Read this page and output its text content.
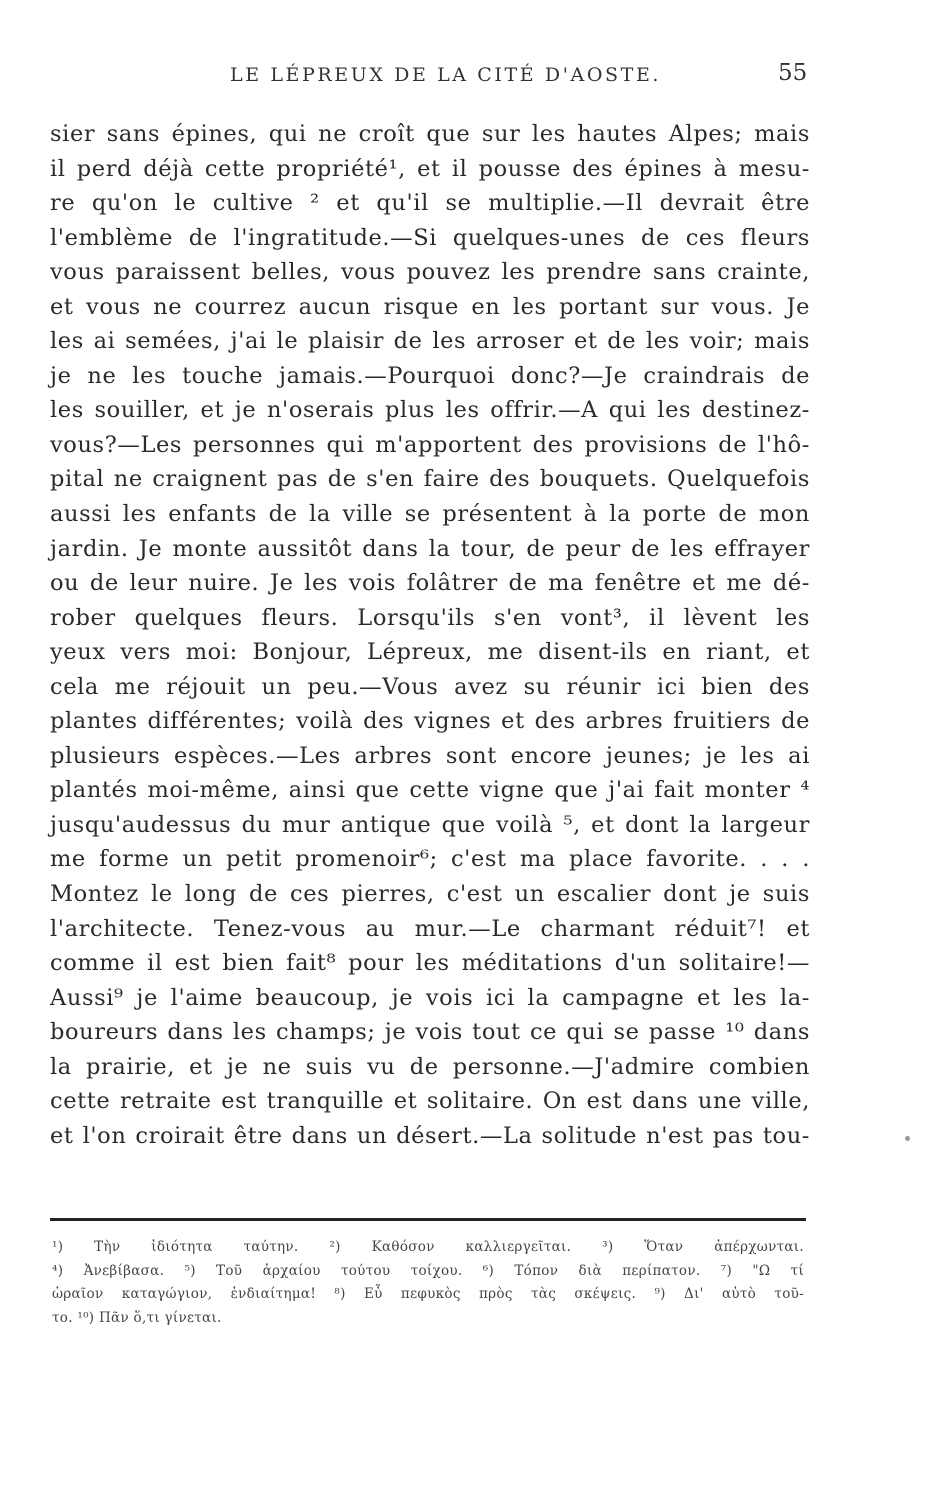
LE LÉPREUX DE LA CITÉ D'AOSTE.	55
sier sans épines, qui ne croît que sur les hautes Alpes; mais
il perd déjà cette propriété¹, et il pousse des épines à mesu-
re qu'on le cultive ² et qu'il se multiplie.—Il devrait être
l'emblème de l'ingratitude.—Si quelques-unes de ces fleurs
vous paraissent belles, vous pouvez les prendre sans crainte,
et vous ne courrez aucun risque en les portant sur vous. Je
les ai semées, j'ai le plaisir de les arroser et de les voir; mais
je ne les touche jamais.—Pourquoi donc?—Je craindrais de
les souiller, et je n'oserais plus les offrir.—A qui les destinez-
vous?—Les personnes qui m'apportent des provisions de l'hô-
pital ne craignent pas de s'en faire des bouquets. Quelquefois
aussi les enfants de la ville se présentent à la porte de mon
jardin. Je monte aussitôt dans la tour, de peur de les effrayer
ou de leur nuire. Je les vois folâtrer de ma fenêtre et me dé-
rober quelques fleurs. Lorsqu'ils s'en vont³, il lèvent les
yeux vers moi: Bonjour, Lépreux, me disent-ils en riant, et
cela me réjouit un peu.—Vous avez su réunir ici bien des
plantes différentes; voilà des vignes et des arbres fruitiers de
plusieurs espèces.—Les arbres sont encore jeunes; je les ai
plantés moi-même, ainsi que cette vigne que j'ai fait monter ⁴
jusqu'audessus du mur antique que voilà ⁵, et dont la largeur
me forme un petit promenoir⁶; c'est ma place favorite. . . .
Montez le long de ces pierres, c'est un escalier dont je suis
l'architecte. Tenez-vous au mur.—Le charmant réduit⁷! et
comme il est bien fait⁸ pour les méditations d'un solitaire!—
Aussi⁹ je l'aime beaucoup, je vois ici la campagne et les la-
boureurs dans les champs; je vois tout ce qui se passe ¹⁰ dans
la prairie, et je ne suis vu de personne.—J'admire combien
cette retraite est tranquille et solitaire. On est dans une ville,
et l'on croirait être dans un désert.—La solitude n'est pas tou-
¹) Τὴν ἰδιότητα ταύτην. ²) Καθόσον καλλιεργεῖται. ³) Ὅταν ἀπέρχωνται.
⁴) Ἀνεβίβασα. ⁵) Τοῦ ἀρχαίου τούτου τοίχου. ⁶) Τόπον διὰ περίπατον. ⁷) "Ω τί
ὡραῖον καταγώγιον, ἐνδιαίτημα! ⁸) Εὖ πεφυκὸς πρὸς τὰς σκέψεις. ⁹) Δι' αὐτὸ τοῦ-
το. ¹⁰) Πᾶν ὅ,τι γίνεται.
